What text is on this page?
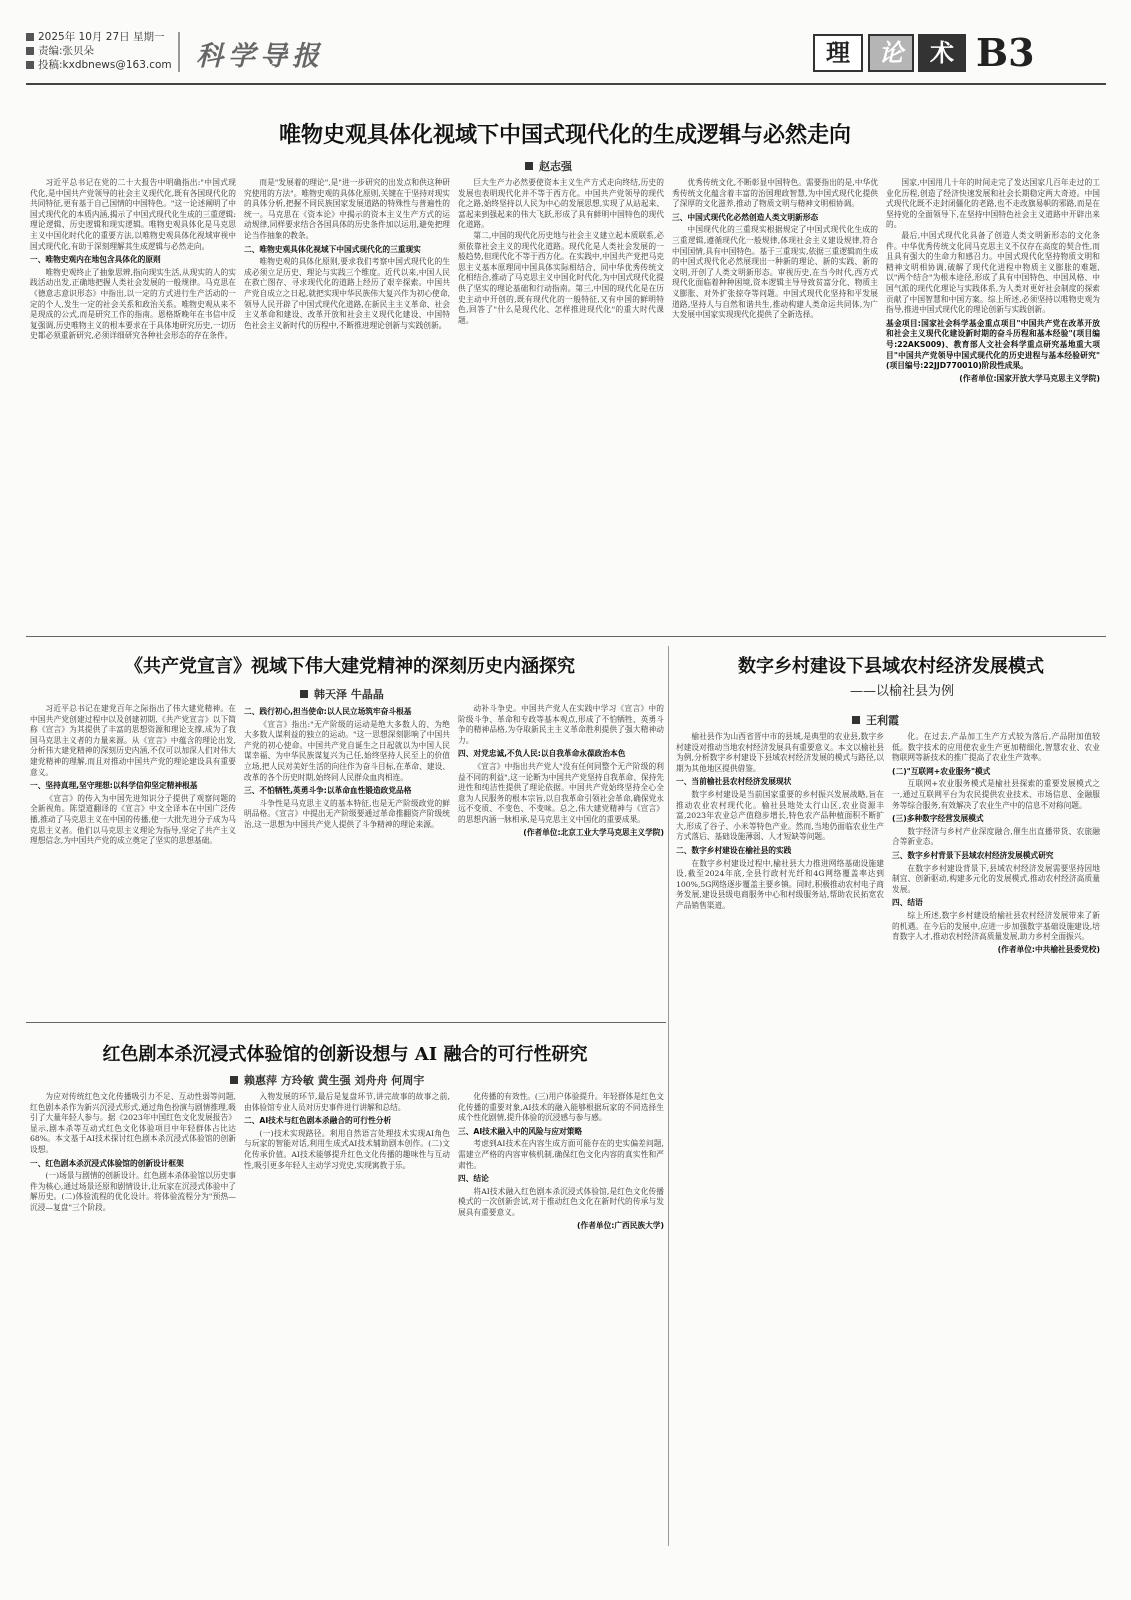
2025年 10月 27日 星期一
责编:张贝朵
投稿:kxdbnews@163.com 科学导报	理	论	术 B3
唯物史观具体化视域下中国式现代化的生成逻辑与必然走向
赵志强

习近平总书记在党的二十大报告中明确指出:"中国式现代化,是中国共产党领导的社会主义现代化,既有各国现代化的共同特征,更有基于自己国情的中国特色。"这一论述阐明了中国式现代化的本质内涵,揭示了中国式现代化生成的三重逻辑:理论逻辑、历史逻辑和现实逻辑。唯物史观具体化是马克思主义中国化时代化的重要方法,以唯物史观具体化视域审视中国式现代化,有助于深刻理解其生成逻辑与必然走向。

一、唯物史观内在地包含具体化的原则

唯物史观终止了抽象思辨,指向现实生活,从现实的人的实践活动出发,正确地把握人类社会发展的一般规律。马克思在《德意志意识形态》中指出,以一定的方式进行生产活动的一定的个人,发生一定的社会关系和政治关系。唯物史观从来不是现成的公式,而是研究工作的指南。恩格斯晚年在书信中反复强调,历史唯物主义的根本要求在于具体地研究历史,一切历史都必须重新研究,必须详细研究各种社会形态的存在条件。

而是"发展着的理论",是"进一步研究的出发点和供这种研究使用的方法"。唯物史观的具体化原则,关键在于坚持对现实的具体分析,把握不同民族国家发展道路的特殊性与普遍性的统一。马克思在《资本论》中揭示的资本主义生产方式的运动规律,同样要求结合各国具体的历史条件加以运用,避免把理论当作抽象的教条。

二、唯物史观具体化视域下中国式现代化的三重现实

唯物史观的具体化原则,要求我们考察中国式现代化的生成必须立足历史、理论与实践三个维度。近代以来,中国人民在救亡图存、寻求现代化的道路上经历了艰辛探索。中国共产党自成立之日起,就把实现中华民族伟大复兴作为初心使命,领导人民开辟了中国式现代化道路,在新民主主义革命、社会主义革命和建设、改革开放和社会主义现代化建设、中国特色社会主义新时代的历程中,不断推进理论创新与实践创新。

巨大生产力必然要使资本主义生产方式走向终结,历史的发展也表明现代化并不等于西方化。中国共产党领导的现代化之路,始终坚持以人民为中心的发展思想,实现了从站起来、富起来到强起来的伟大飞跃,形成了具有鲜明中国特色的现代化道路。

第二,中国的现代化历史地与社会主义建立起本质联系,必须依靠社会主义的现代化道路。现代化是人类社会发展的一般趋势,但现代化不等于西方化。在实践中,中国共产党把马克思主义基本原理同中国具体实际相结合、同中华优秀传统文化相结合,推动了马克思主义中国化时代化,为中国式现代化提供了坚实的理论基础和行动指南。第三,中国的现代化是在历史主动中开创的,既有现代化的一般特征,又有中国的鲜明特色,回答了"什么是现代化、怎样推进现代化"的重大时代课题。

优秀传统文化,不断彰显中国特色。需要指出的是,中华优秀传统文化蕴含着丰富的治国理政智慧,为中国式现代化提供了深厚的文化滋养,推动了物质文明与精神文明相协调。

三、中国式现代化必然创造人类文明新形态

中国现代化的三重现实根据规定了中国式现代化生成的三重逻辑,遵循现代化一般规律,体现社会主义建设规律,符合中国国情,具有中国特色。基于三重现实,依据三重逻辑而生成的中国式现代化必然展现出一种新的理论、新的实践、新的文明,开创了人类文明新形态。审视历史,在当今时代,西方式现代化面临着种种困境,资本逻辑主导导致贫富分化、物质主义膨胀、对外扩张掠夺等问题。中国式现代化坚持和平发展道路,坚持人与自然和谐共生,推动构建人类命运共同体,为广大发展中国家实现现代化提供了全新选择。

国家,中国用几十年的时间走完了发达国家几百年走过的工业化历程,创造了经济快速发展和社会长期稳定两大奇迹。中国式现代化既不走封闭僵化的老路,也不走改旗易帜的邪路,而是在坚持党的全面领导下,在坚持中国特色社会主义道路中开辟出来的。

最后,中国式现代化具备了创造人类文明新形态的文化条件。中华优秀传统文化同马克思主义不仅存在高度的契合性,而且具有强大的生命力和感召力。中国式现代化坚持物质文明和精神文明相协调,破解了现代化进程中物质主义膨胀的难题,以"两个结合"为根本途径,形成了具有中国特色、中国风格、中国气派的现代化理论与实践体系,为人类对更好社会制度的探索贡献了中国智慧和中国方案。综上所述,必须坚持以唯物史观为指导,推进中国式现代化的理论创新与实践创新。

基金项目:国家社会科学基金重点项目"中国共产党在改革开放和社会主义现代化建设新时期的奋斗历程和基本经验"(项目编号:22AKS009)、教育部人文社会科学重点研究基地重大项目"中国共产党领导中国式现代化的历史进程与基本经验研究"(项目编号:22JJD770010)阶段性成果。
(作者单位:国家开放大学马克思主义学院)
《共产党宣言》视域下伟大建党精神的深刻历史内涵探究
韩天泽 牛晶晶

习近平总书记在建党百年之际指出了伟大建党精神。在中国共产党创建过程中以及创建初期,《共产党宣言》以下简称《宣言》为其提供了丰富的思想资源和理论支撑,成为了我国马克思主义者的力量来源。从《宣言》中蕴含的理论出发,分析伟大建党精神的深刻历史内涵,不仅可以加深人们对伟大建党精神的理解,而且对推动中国共产党的理论建设具有重要意义。

一、坚持真理,坚守理想:以科学信仰坚定精神根基

《宣言》的传入为中国先进知识分子提供了观察问题的全新视角。陈望道翻译的《宣言》中文全译本在中国广泛传播,推动了马克思主义在中国的传播,使一大批先进分子成为马克思主义者。他们以马克思主义理论为指导,坚定了共产主义理想信念,为中国共产党的成立奠定了坚实的思想基础。

二、践行初心,担当使命:以人民立场筑牢奋斗根基

《宣言》指出:"无产阶级的运动是绝大多数人的、为绝大多数人谋利益的独立的运动。"这一思想深刻影响了中国共产党的初心使命。中国共产党自诞生之日起就以为中国人民谋幸福、为中华民族谋复兴为己任,始终坚持人民至上的价值立场,把人民对美好生活的向往作为奋斗目标,在革命、建设、改革的各个历史时期,始终同人民群众血肉相连。

三、不怕牺牲,英勇斗争:以革命血性锻造政党品格

斗争性是马克思主义的基本特征,也是无产阶级政党的鲜明品格。《宣言》中提出无产阶级要通过革命推翻资产阶级统治,这一思想为中国共产党人提供了斗争精神的理论来源。

动补斗争史。中国共产党人在实践中学习《宣言》中的阶级斗争、革命和专政等基本观点,形成了不怕牺牲、英勇斗争的精神品格,为夺取新民主主义革命胜利提供了强大精神动力。

四、对党忠诚,不负人民:以自我革命永葆政治本色

《宣言》中指出共产党人"没有任何同整个无产阶级的利益不同的利益",这一论断为中国共产党坚持自我革命、保持先进性和纯洁性提供了理论依据。中国共产党始终坚持全心全意为人民服务的根本宗旨,以自我革命引领社会革命,确保党永远不变质、不变色、不变味。总之,伟大建党精神与《宣言》的思想内涵一脉相承,是马克思主义中国化的重要成果。

(作者单位:北京工业大学马克思主义学院)
数字乡村建设下县域农村经济发展模式
——以榆社县为例
王利霞

榆社县作为山西省晋中市的县域,是典型的农业县,数字乡村建设对推动当地农村经济发展具有重要意义。本文以榆社县为例,分析数字乡村建设下县域农村经济发展的模式与路径,以期为其他地区提供借鉴。

一、当前榆社县农村经济发展现状

数字乡村建设是当前国家重要的乡村振兴发展战略,旨在推动农业农村现代化。榆社县地处太行山区,农业资源丰富,2023年农业总产值稳步增长,特色农产品种植面积不断扩大,形成了谷子、小米等特色产业。然而,当地仍面临农业生产方式落后、基础设施薄弱、人才短缺等问题。

二、数字乡村建设在榆社县的实践

在数字乡村建设过程中,榆社县大力推进网络基础设施建设,截至2024年底,全县行政村光纤和4G网络覆盖率达到100%,5G网络逐步覆盖主要乡镇。同时,积极推动农村电子商务发展,建设县级电商服务中心和村级服务站,帮助农民拓宽农产品销售渠道。

化。在过去,产品加工生产方式较为落后,产品附加值较低。数字技术的应用使农业生产更加精细化,智慧农业、农业物联网等新技术的推广提高了农业生产效率。

(二)"互联网+农业服务"模式

互联网+农业服务模式是榆社县探索的重要发展模式之一,通过互联网平台为农民提供农业技术、市场信息、金融服务等综合服务,有效解决了农业生产中的信息不对称问题。

(三)多种数字经营发展模式

数字经济与乡村产业深度融合,催生出直播带货、农旅融合等新业态。

三、数字乡村背景下县域农村经济发展模式研究

在数字乡村建设背景下,县域农村经济发展需要坚持因地制宜、创新驱动,构建多元化的发展模式,推动农村经济高质量发展。

四、结语

综上所述,数字乡村建设给榆社县农村经济发展带来了新的机遇。在今后的发展中,应进一步加强数字基础设施建设,培育数字人才,推动农村经济高质量发展,助力乡村全面振兴。

(作者单位:中共榆社县委党校)
红色剧本杀沉浸式体验馆的创新设想与 AI 融合的可行性研究
赖惠萍 方玲敏 黄生强 刘舟舟 何周宇

为应对传统红色文化传播吸引力不足、互动性弱等问题,红色剧本杀作为新兴沉浸式形式,通过角色扮演与剧情推理,吸引了大量年轻人参与。据《2023年中国红色文化发展报告》显示,剧本杀等互动式红色文化体验项目中年轻群体占比达68%。本文基于AI技术探讨红色剧本杀沉浸式体验馆的创新设想。

一、红色剧本杀沉浸式体验馆的创新设计框架

(一)场景与剧情的创新设计。红色剧本杀体验馆以历史事件为核心,通过场景还原和剧情设计,让玩家在沉浸式体验中了解历史。(二)体验流程的优化设计。将体验流程分为"预热—沉浸—复盘"三个阶段。

入物发展的环节,最后是复盘环节,讲完故事的故事之前,由体验馆专业人员对历史事件进行讲解和总结。

二、AI技术与红色剧本杀融合的可行性分析

(一)技术实现路径。利用自然语言处理技术实现AI角色与玩家的智能对话,利用生成式AI技术辅助剧本创作。(二)文化传承价值。AI技术能够提升红色文化传播的趣味性与互动性,吸引更多年轻人主动学习党史,实现寓教于乐。

化传播的有效性。(三)用户体验提升。年轻群体是红色文化传播的重要对象,AI技术的融入能够根据玩家的不同选择生成个性化剧情,提升体验的沉浸感与参与感。

三、AI技术融入中的风险与应对策略

考虑到AI技术在内容生成方面可能存在的史实偏差问题,需建立严格的内容审核机制,确保红色文化内容的真实性和严肃性。

四、结论

将AI技术融入红色剧本杀沉浸式体验馆,是红色文化传播模式的一次创新尝试,对于推动红色文化在新时代的传承与发展具有重要意义。

(作者单位:广西民族大学)
